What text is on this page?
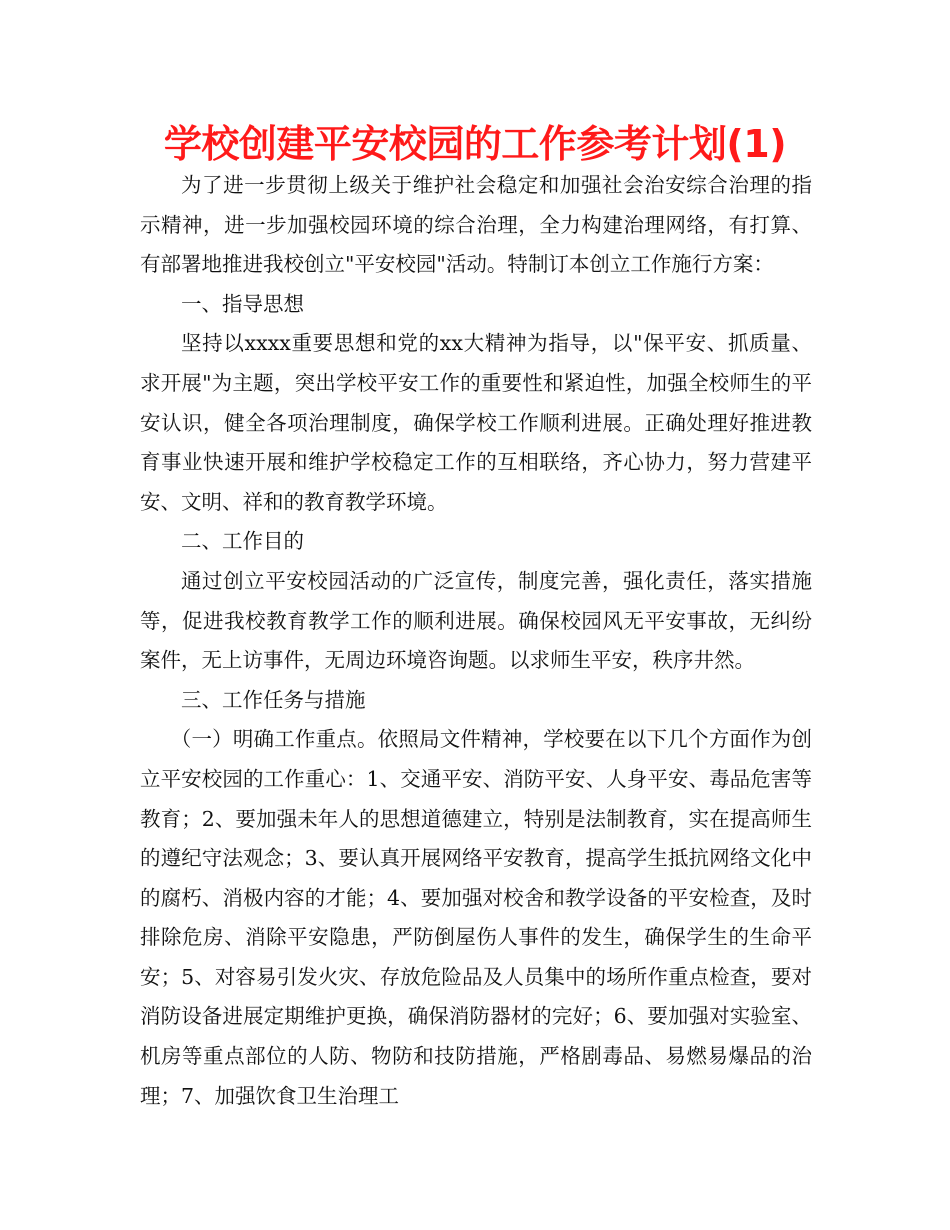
学校创建平安校园的工作参考计划(1)

为了进一步贯彻上级关于维护社会稳定和加强社会治安综合治理的指示精神，进一步加强校园环境的综合治理，全力构建治理网络，有打算、有部署地推进我校创立"平安校园"活动。特制订本创立工作施行方案：

一、指导思想

坚持以xxxx重要思想和党的xx大精神为指导，以"保平安、抓质量、求开展"为主题，突出学校平安工作的重要性和紧迫性，加强全校师生的平安认识，健全各项治理制度，确保学校工作顺利进展。正确处理好推进教育事业快速开展和维护学校稳定工作的互相联络，齐心协力，努力营建平安、文明、祥和的教育教学环境。

二、工作目的

通过创立平安校园活动的广泛宣传，制度完善，强化责任，落实措施等，促进我校教育教学工作的顺利进展。确保校园风无平安事故，无纠纷案件，无上访事件，无周边环境咨询题。以求师生平安，秩序井然。

三、工作任务与措施

（一）明确工作重点。依照局文件精神，学校要在以下几个方面作为创立平安校园的工作重心：1、交通平安、消防平安、人身平安、毒品危害等教育；2、要加强未年人的思想道德建立，特别是法制教育，实在提高师生的遵纪守法观念；3、要认真开展网络平安教育，提高学生抵抗网络文化中的腐朽、消极内容的才能；4、要加强对校舍和教学设备的平安检查，及时排除危房、消除平安隐患，严防倒屋伤人事件的发生，确保学生的生命平安；5、对容易引发火灾、存放危险品及人员集中的场所作重点检查，要对消防设备进展定期维护更换，确保消防器材的完好；6、要加强对实验室、机房等重点部位的人防、物防和技防措施，严格剧毒品、易燃易爆品的治理；7、加强饮食卫生治理工
